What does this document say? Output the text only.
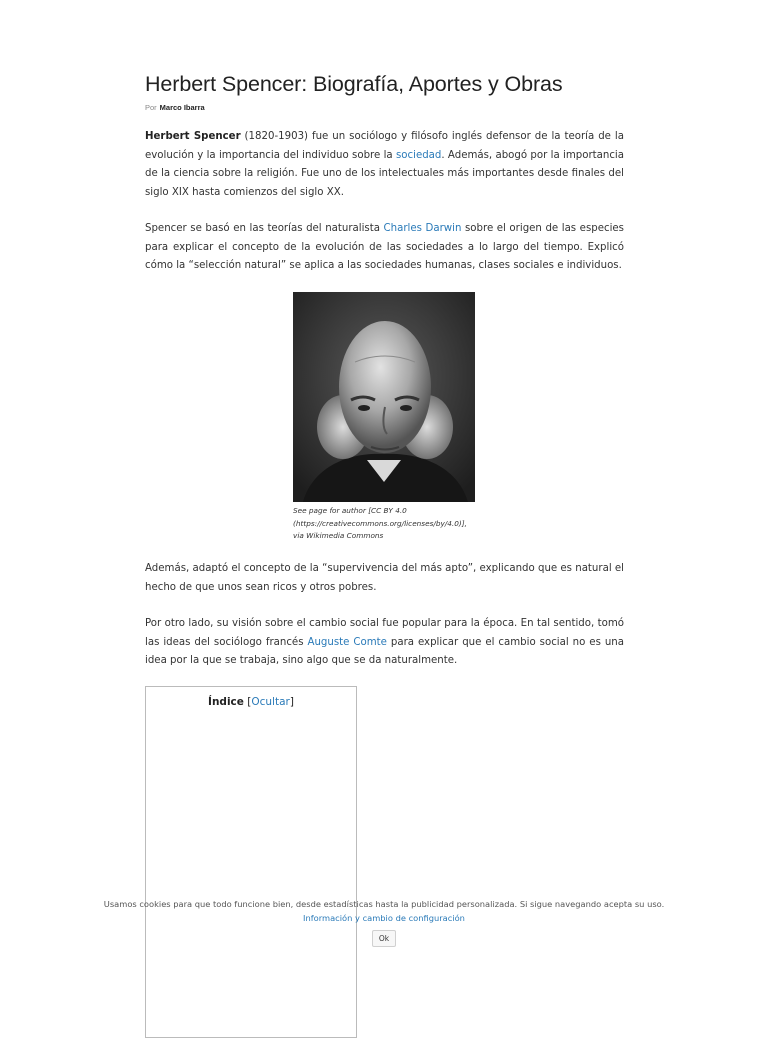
Herbert Spencer: Biografía, Aportes y Obras
Por Marco Ibarra

Herbert Spencer (1820-1903) fue un sociólogo y filósofo inglés defensor de la teoría de la evolución y la importancia del individuo sobre la sociedad. Además, abogó por la importancia de la ciencia sobre la religión. Fue uno de los intelectuales más importantes desde finales del siglo XIX hasta comienzos del siglo XX.

Spencer se basó en las teorías del naturalista Charles Darwin sobre el origen de las especies para explicar el concepto de la evolución de las sociedades a lo largo del tiempo. Explicó cómo la “selección natural” se aplica a las sociedades humanas, clases sociales e individuos.

See page for author [CC BY 4.0 (https://creativecommons.org/licenses/by/4.0)], via Wikimedia Commons

Además, adaptó el concepto de la “supervivencia del más apto”, explicando que es natural el hecho de que unos sean ricos y otros pobres.

Por otro lado, su visión sobre el cambio social fue popular para la época. En tal sentido, tomó las ideas del sociólogo francés Auguste Comte para explicar que el cambio social no es una idea por la que se trabaja, sino algo que se da naturalmente.

Índice [Ocultar]
Usamos cookies para que todo funcione bien, desde estadísticas hasta la publicidad personalizada. Si sigue navegando acepta su uso.
Información y cambio de configuración
Ok
